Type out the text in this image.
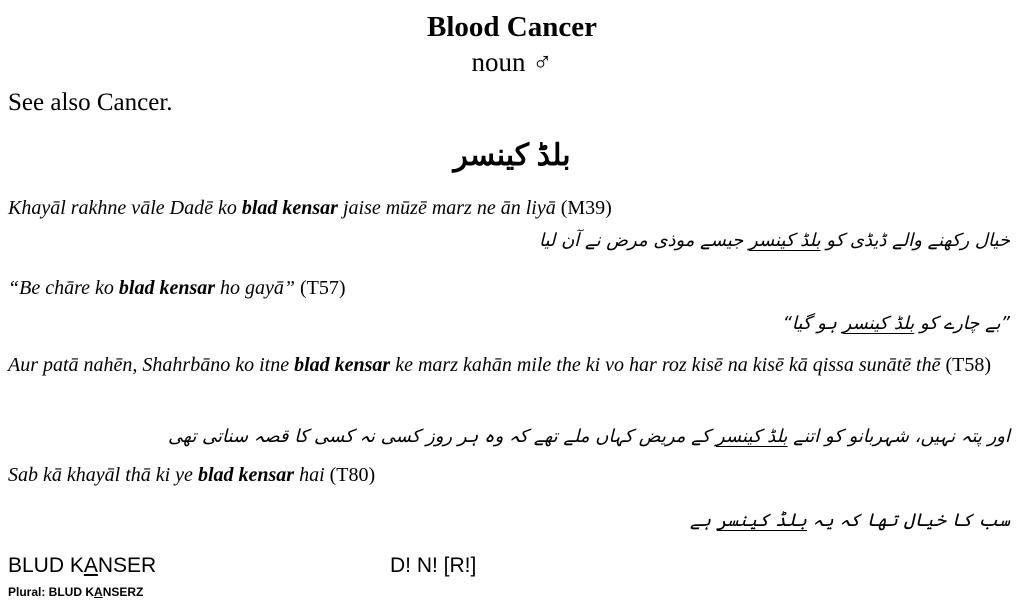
Blood Cancer
noun ♂
See also Cancer.
بلڈ کینسر
Khayāl rakhne vāle Dadē ko blad kensar jaise mūzē marz ne ān liyā (M39)
خیال رکھنے والے ڈیڈی کو بلڈ کینسر جیسے موذی مرض نے آن لیا
“Be chāre ko blad kensar ho gayā” (T57)
”بے چارے کو بلڈ کینسر ہو گیا“
Aur patā nahēn, Shahrbāno ko itne blad kensar ke marz kahān mile the ki vo har roz kisē na kisē kā qissa sunātē thē (T58)
اور پتہ نہیں، شہربانو کو اتنے بلڈ کینسر کے مریض کہاں ملے تھے کہ وہ ہر روز کسی نہ کسی کا قصہ سناتی تھی
Sab kā khayāl thā ki ye blad kensar hai (T80)
سب کا خیال تھا کہ یہ بلڈ کینسر ہے
BLUD KANSER	D! N! [R!]
Plural: BLUD KANSERZ
